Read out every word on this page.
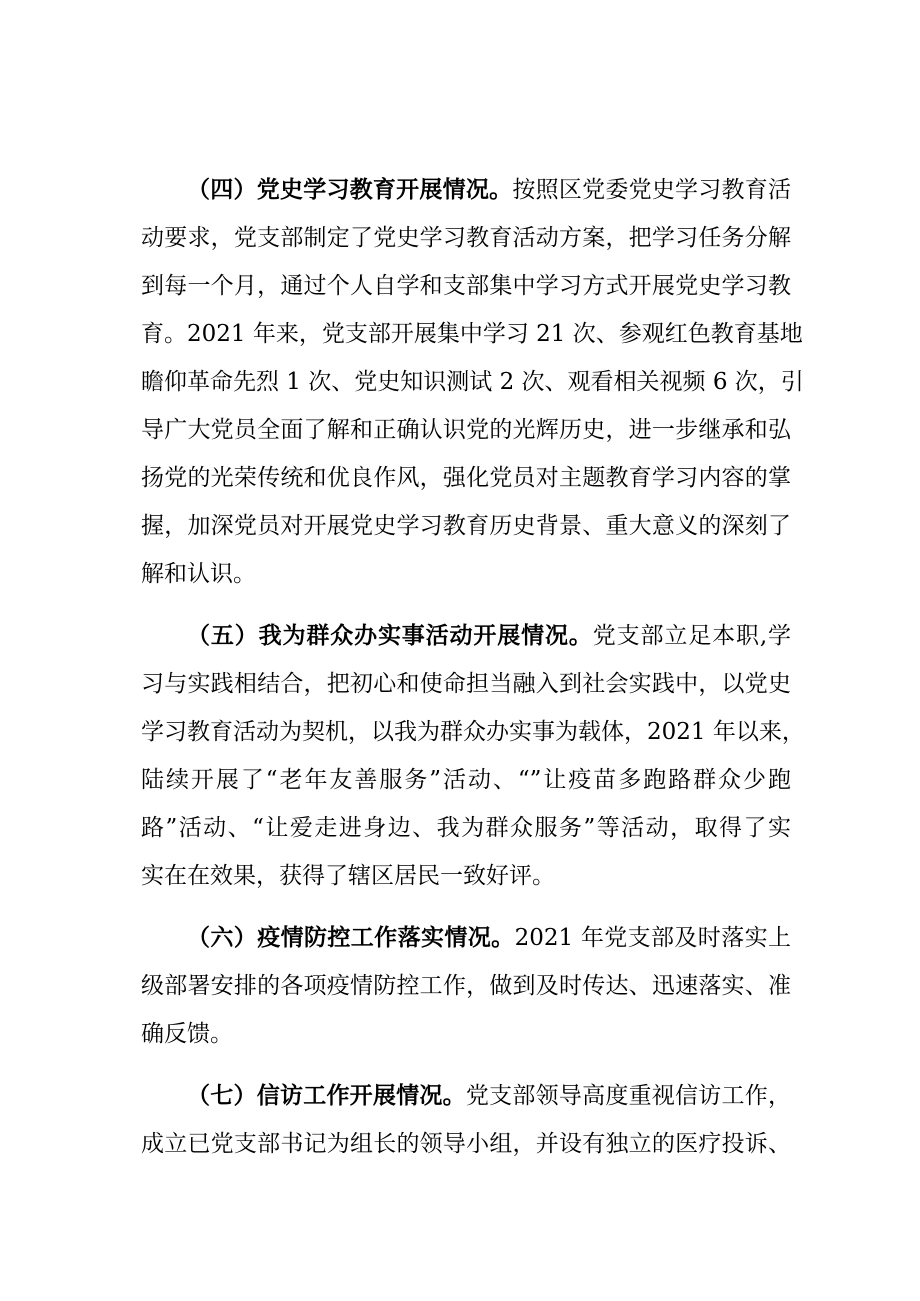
（四）党史学习教育开展情况。按照区党委党史学习教育活
动要求，党支部制定了党史学习教育活动方案，把学习任务分解
到每一个月，通过个人自学和支部集中学习方式开展党史学习教
育。2021 年来，党支部开展集中学习 21 次、参观红色教育基地
瞻仰革命先烈 1 次、党史知识测试 2 次、观看相关视频 6 次，引
导广大党员全面了解和正确认识党的光辉历史，进一步继承和弘
扬党的光荣传统和优良作风，强化党员对主题教育学习内容的掌
握，加深党员对开展党史学习教育历史背景、重大意义的深刻了
解和认识。
（五）我为群众办实事活动开展情况。党支部立足本职,学
习与实践相结合，把初心和使命担当融入到社会实践中，以党史
学习教育活动为契机，以我为群众办实事为载体，2021 年以来，
陆续开展了“老年友善服务”活动、“”让疫苗多跑路群众少跑
路”活动、“让爱走进身边、我为群众服务”等活动，取得了实
实在在效果，获得了辖区居民一致好评。
（六）疫情防控工作落实情况。2021 年党支部及时落实上
级部署安排的各项疫情防控工作，做到及时传达、迅速落实、准
确反馈。
（七）信访工作开展情况。党支部领导高度重视信访工作，
成立已党支部书记为组长的领导小组，并设有独立的医疗投诉、
